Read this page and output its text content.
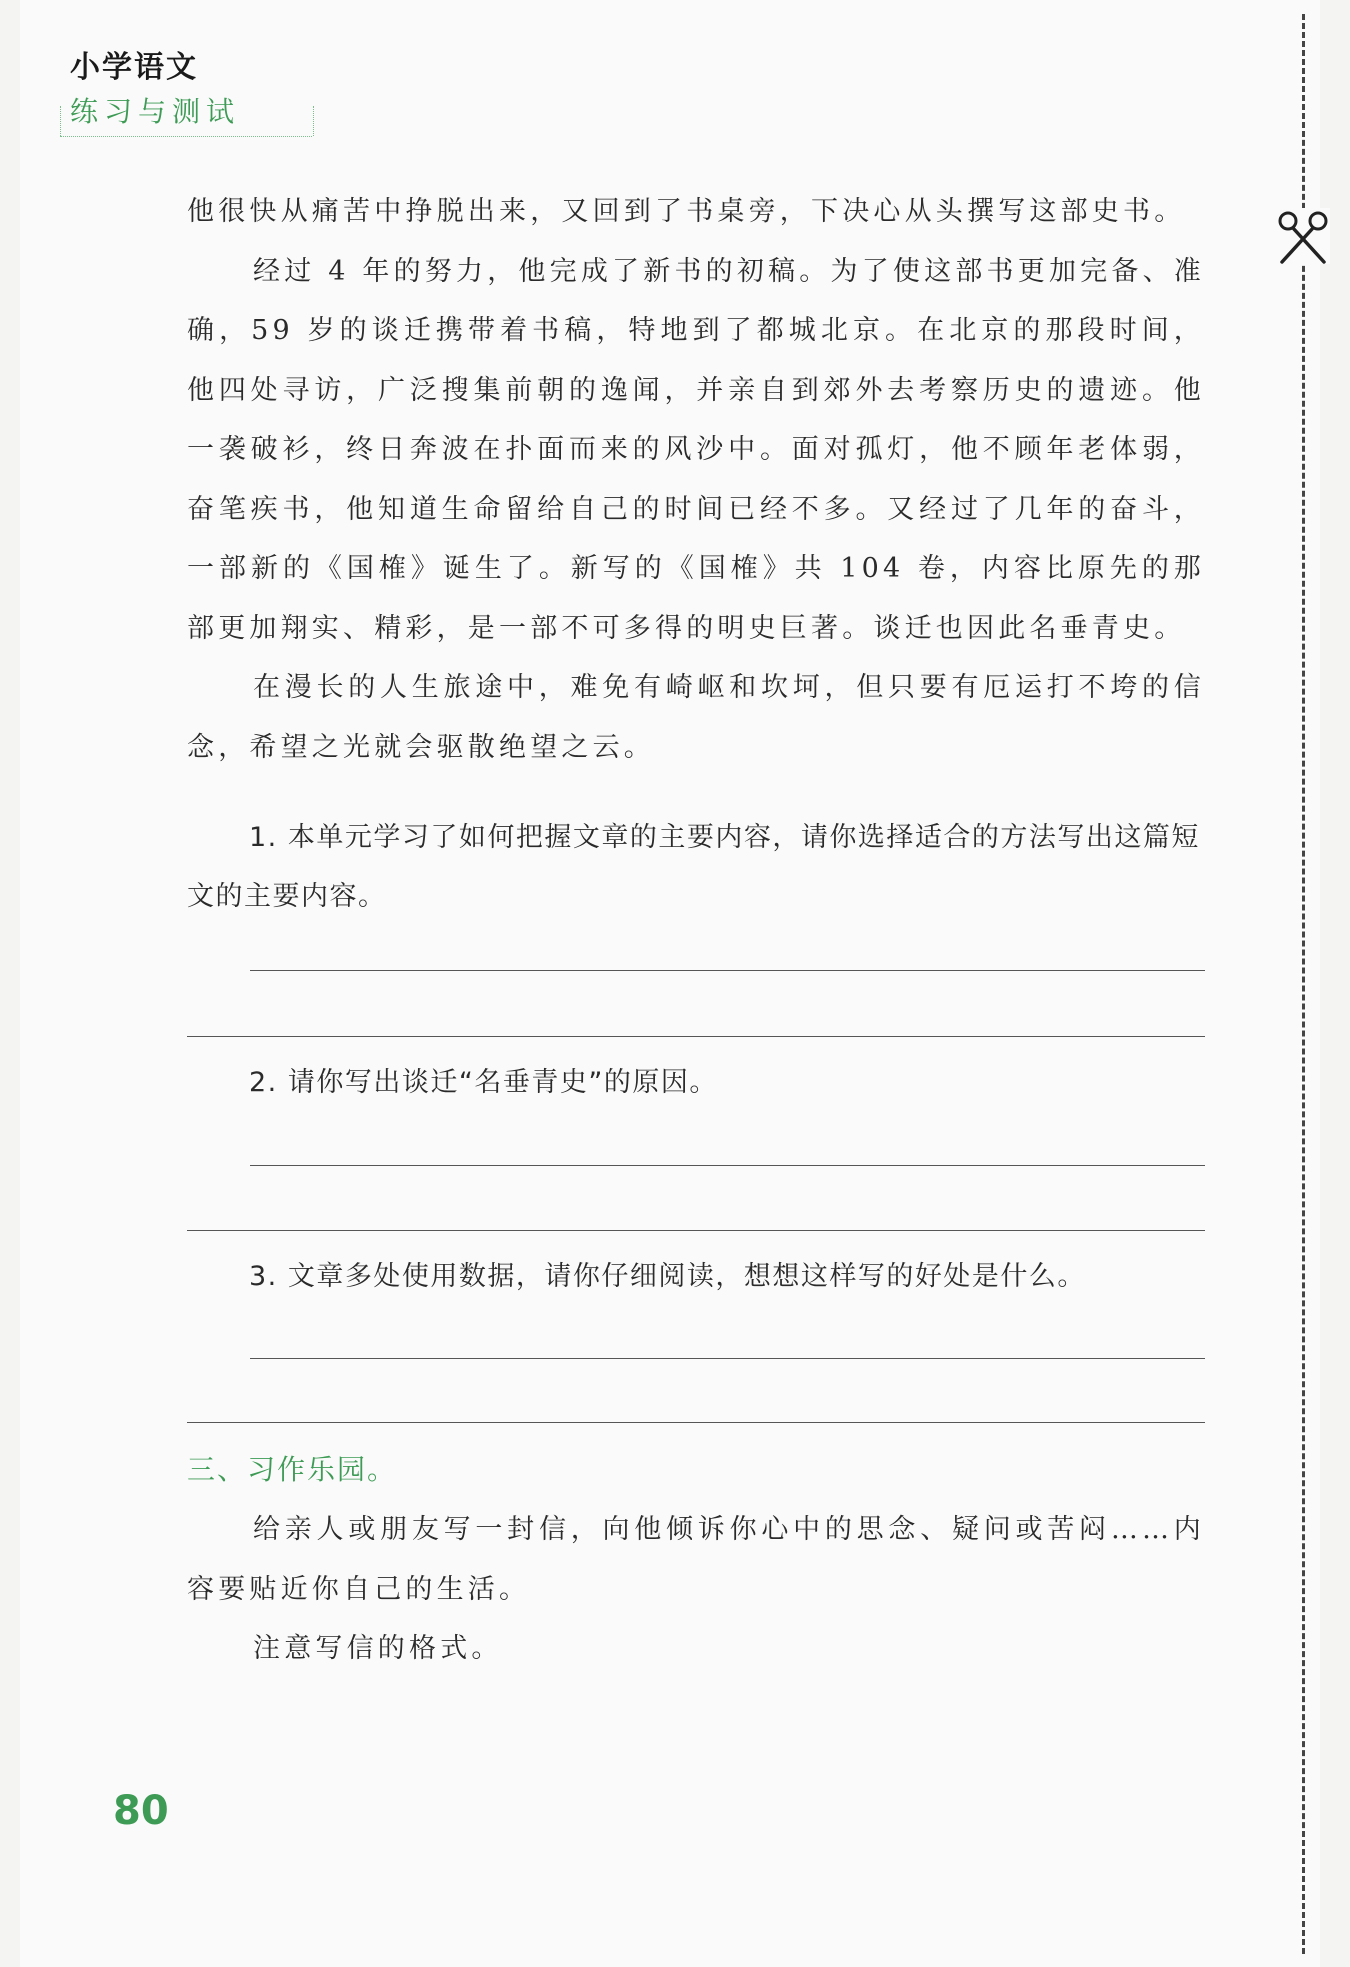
小学语文
练习与测试

他很快从痛苦中挣脱出来，又回到了书桌旁，下决心从头撰写这部史书。

经过 4 年的努力，他完成了新书的初稿。为了使这部书更加完备、准确，59 岁的谈迁携带着书稿，特地到了都城北京。在北京的那段时间，他四处寻访，广泛搜集前朝的逸闻，并亲自到郊外去考察历史的遗迹。他一袭破衫，终日奔波在扑面而来的风沙中。面对孤灯，他不顾年老体弱，奋笔疾书，他知道生命留给自己的时间已经不多。又经过了几年的奋斗，一部新的《国榷》诞生了。新写的《国榷》共 104 卷，内容比原先的那部更加翔实、精彩，是一部不可多得的明史巨著。谈迁也因此名垂青史。

在漫长的人生旅途中，难免有崎岖和坎坷，但只要有厄运打不垮的信念，希望之光就会驱散绝望之云。

1. 本单元学习了如何把握文章的主要内容，请你选择适合的方法写出这篇短文的主要内容。

2. 请你写出谈迁“名垂青史”的原因。

3. 文章多处使用数据，请你仔细阅读，想想这样写的好处是什么。

三、习作乐园。

给亲人或朋友写一封信，向他倾诉你心中的思念、疑问或苦闷……内容要贴近你自己的生活。

注意写信的格式。

80
